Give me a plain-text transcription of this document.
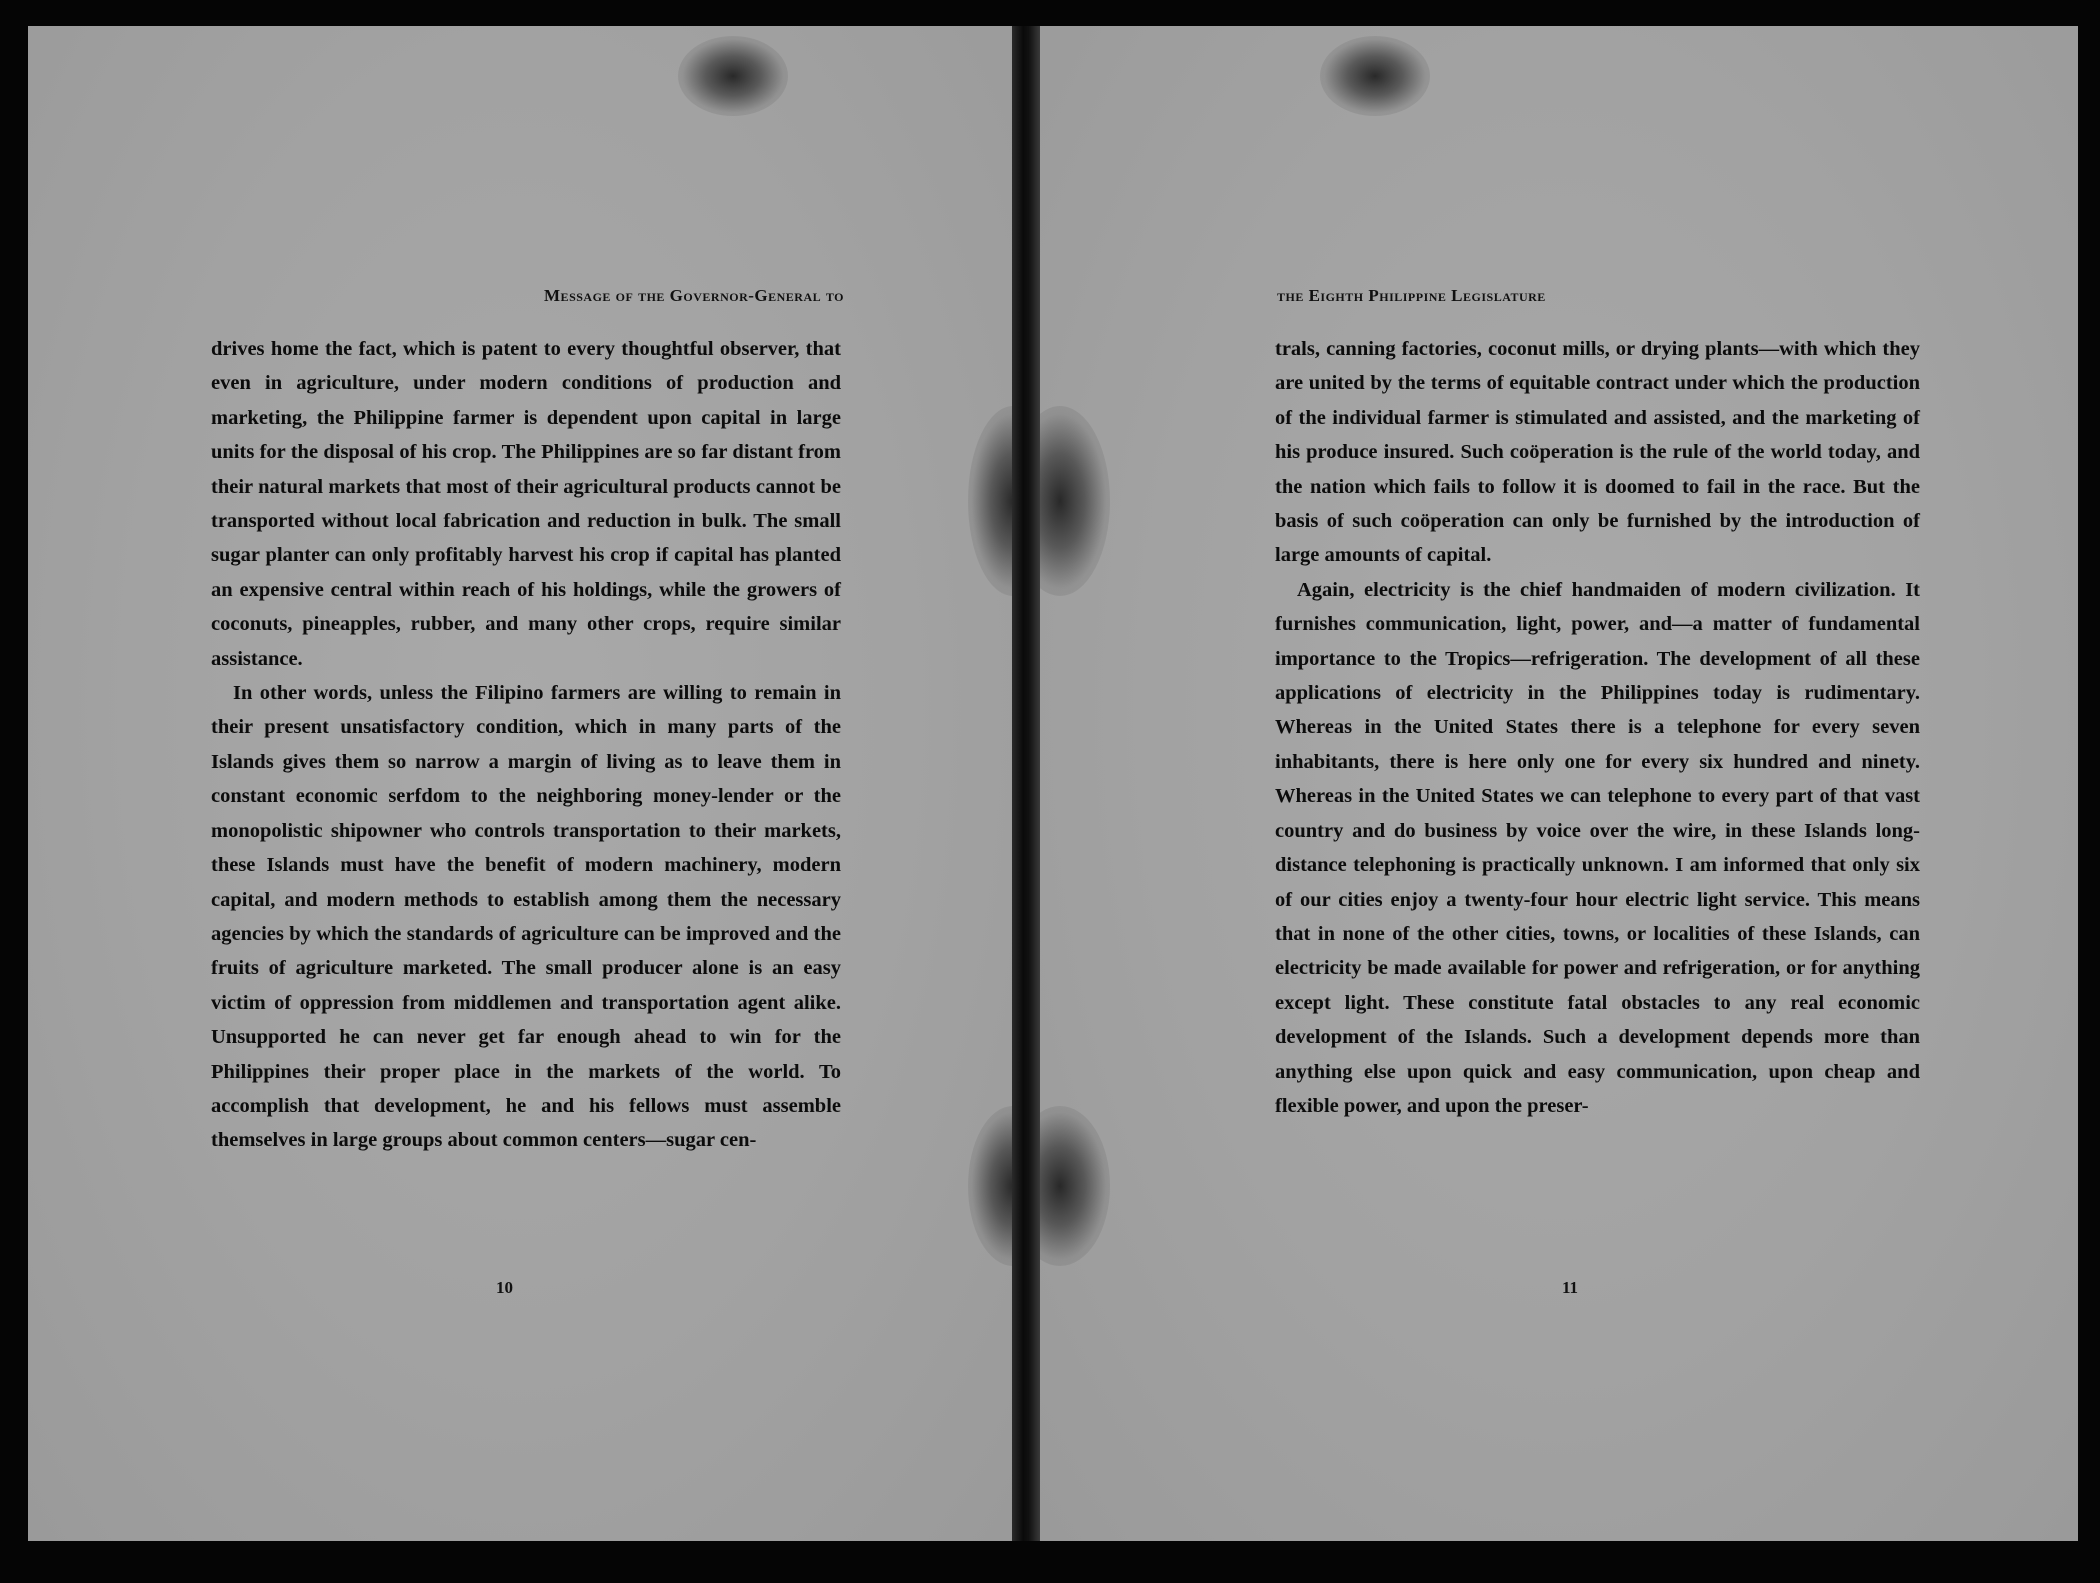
Message of the Governor-General to

drives home the fact, which is patent to every thoughtful observer, that even in agriculture, under modern conditions of production and marketing, the Philippine farmer is dependent upon capital in large units for the disposal of his crop. The Philippines are so far distant from their natural markets that most of their agricultural products cannot be transported without local fabrication and reduction in bulk. The small sugar planter can only profitably harvest his crop if capital has planted an expensive central within reach of his holdings, while the growers of coconuts, pineapples, rubber, and many other crops, require similar assistance.

In other words, unless the Filipino farmers are willing to remain in their present unsatisfactory condition, which in many parts of the Islands gives them so narrow a margin of living as to leave them in constant economic serfdom to the neighboring money-lender or the monopolistic shipowner who controls transportation to their markets, these Islands must have the benefit of modern machinery, modern capital, and modern methods to establish among them the necessary agencies by which the standards of agriculture can be improved and the fruits of agriculture marketed. The small producer alone is an easy victim of oppression from middlemen and transportation agent alike. Unsupported he can never get far enough ahead to win for the Philippines their proper place in the markets of the world. To accomplish that development, he and his fellows must assemble themselves in large groups about common centers—sugar cen-

10
the Eighth Philippine Legislature

trals, canning factories, coconut mills, or drying plants—with which they are united by the terms of equitable contract under which the production of the individual farmer is stimulated and assisted, and the marketing of his produce insured. Such coöperation is the rule of the world today, and the nation which fails to follow it is doomed to fail in the race. But the basis of such coöperation can only be furnished by the introduction of large amounts of capital.

Again, electricity is the chief handmaiden of modern civilization. It furnishes communication, light, power, and—a matter of fundamental importance to the Tropics—refrigeration. The development of all these applications of electricity in the Philippines today is rudimentary. Whereas in the United States there is a telephone for every seven inhabitants, there is here only one for every six hundred and ninety. Whereas in the United States we can telephone to every part of that vast country and do business by voice over the wire, in these Islands long-distance telephoning is practically unknown. I am informed that only six of our cities enjoy a twenty-four hour electric light service. This means that in none of the other cities, towns, or localities of these Islands, can electricity be made available for power and refrigeration, or for anything except light. These constitute fatal obstacles to any real economic development of the Islands. Such a development depends more than anything else upon quick and easy communication, upon cheap and flexible power, and upon the preser-

11
